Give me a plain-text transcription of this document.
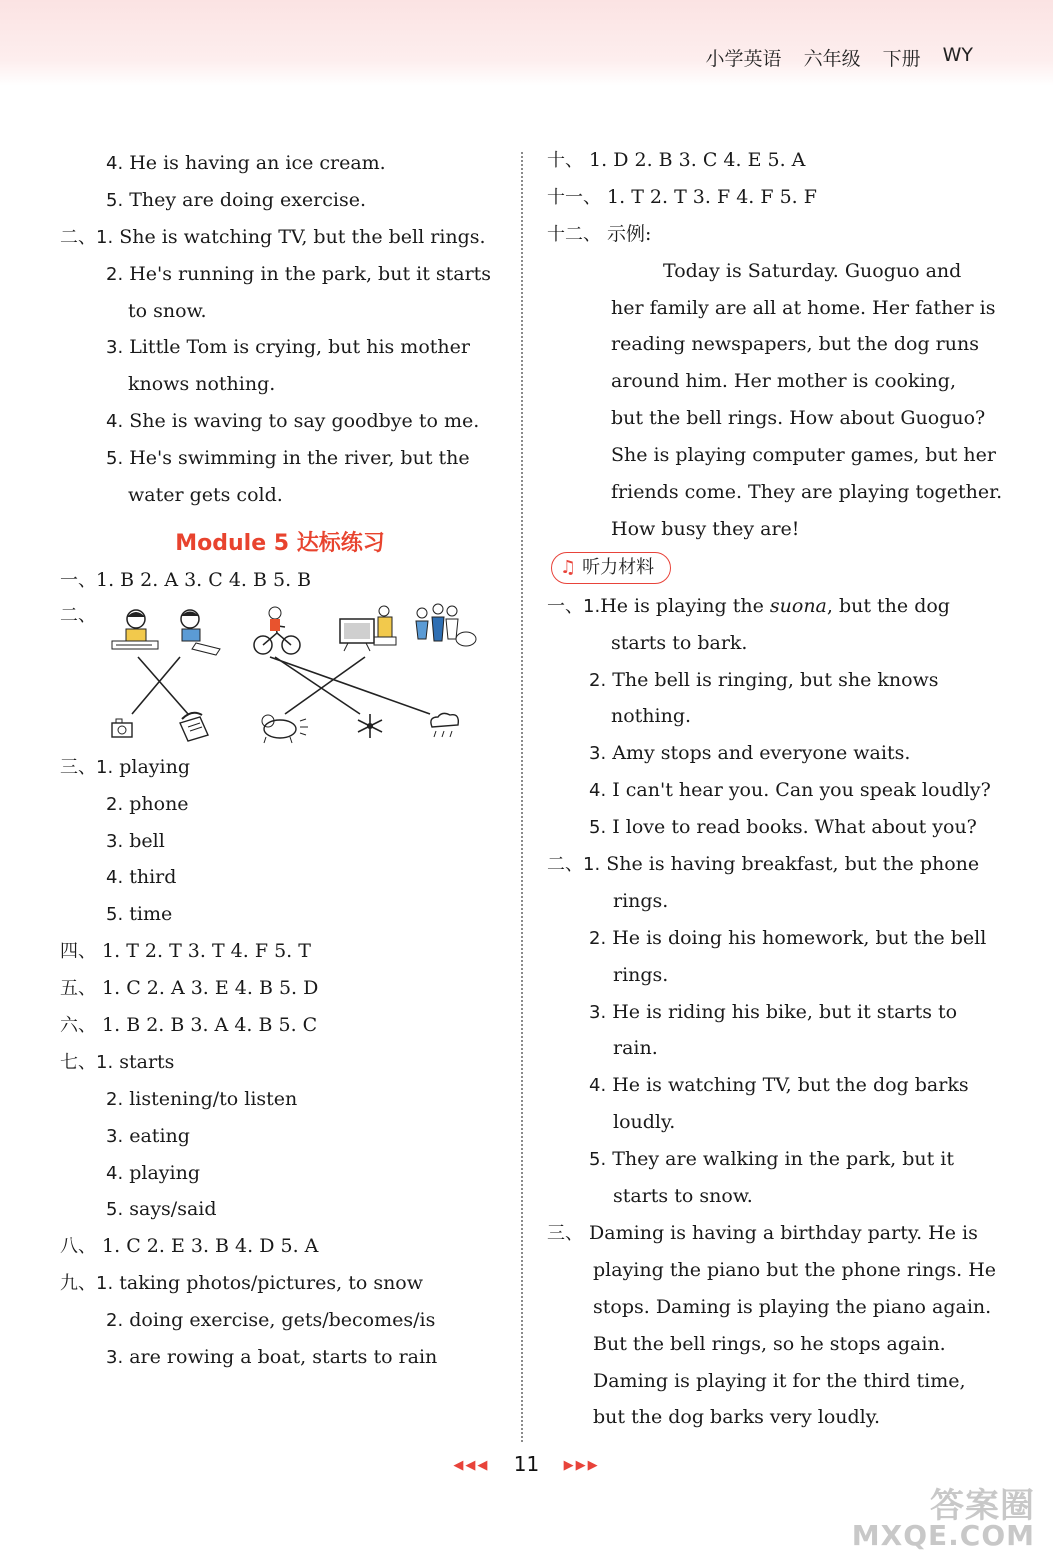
小学英语 六年级 下册 WY
4. He is having an ice cream.
5. They are doing exercise.
二、1. She is watching TV, but the bell rings.
2. He's running in the park, but it starts
to snow.
3. Little Tom is crying, but his mother
knows nothing.
4. She is waving to say goodbye to me.
5. He's swimming in the river, but the
water gets cold.
Module 5 达标练习
一、1. B 2. A 3. C 4. B 5. B
二、
三、1. playing
2. phone
3. bell
4. third
5. time
四、 1. T 2. T 3. T 4. F 5. T
五、 1. C 2. A 3. E 4. B 5. D
六、 1. B 2. B 3. A 4. B 5. C
七、1. starts
2. listening/to listen
3. eating
4. playing
5. says/said
八、 1. C 2. E 3. B 4. D 5. A
九、1. taking photos/pictures, to snow
2. doing exercise, gets/becomes/is
3. are rowing a boat, starts to rain
十、 1. D 2. B 3. C 4. E 5. A
十一、 1. T 2. T 3. F 4. F 5. F
十二、 示例:
Today is Saturday. Guoguo and
her family are all at home. Her father is
reading newspapers, but the dog runs
around him. Her mother is cooking,
but the bell rings. How about Guoguo?
She is playing computer games, but her
friends come. They are playing together.
How busy they are!
♫ 听力材料
一、1.He is playing the suona, but the dog
starts to bark.
2. The bell is ringing, but she knows
nothing.
3. Amy stops and everyone waits.
4. I can't hear you. Can you speak loudly?
5. I love to read books. What about you?
二、1. She is having breakfast, but the phone
rings.
2. He is doing his homework, but the bell
rings.
3. He is riding his bike, but it starts to
rain.
4. He is watching TV, but the dog barks
loudly.
5. They are walking in the park, but it
starts to snow.
三、 Daming is having a birthday party. He is
playing the piano but the phone rings. He
stops. Daming is playing the piano again.
But the bell rings, so he stops again.
Daming is playing it for the third time,
but the dog barks very loudly.
◀◀◀ 11 ▶▶▶
答案圈
MXQE.COM
